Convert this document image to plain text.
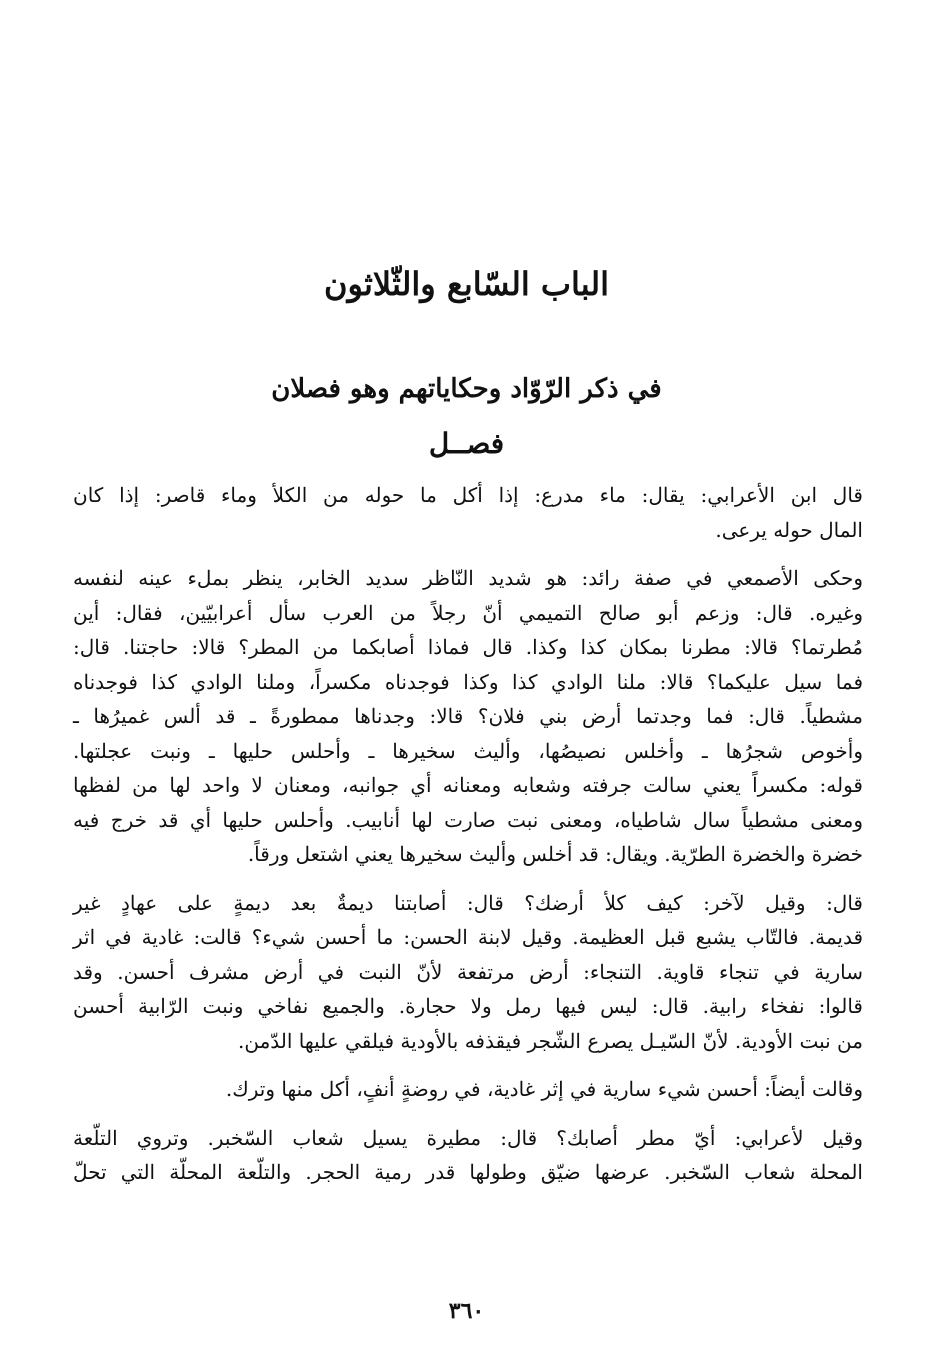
الباب السّابع والثّلاثون
في ذكر الرّوّاد وحكاياتهم وهو فصلان
فصــل

قال ابن الأعرابي: يقال: ماء مدرع: إذا أكل ما حوله من الكلأ وماء قاصر: إذا كان
المال حوله يرعى.

وحكى الأصمعي في صفة رائد: هو شديد النّاظر سديد الخابر، ينظر بملء عينه لنفسه
وغيره. قال: وزعم أبو صالح التميمي أنّ رجلاً من العرب سأل أعرابيّين، فقال: أين
مُطرتما؟ قالا: مطرنا بمكان كذا وكذا. قال فماذا أصابكما من المطر؟ قالا: حاجتنا. قال:
فما سيل عليكما؟ قالا: ملنا الوادي كذا وكذا فوجدناه مكسراً، وملنا الوادي كذا فوجدناه
مشطياً. قال: فما وجدتما أرض بني فلان؟ قالا: وجدناها ممطورةً ـ قد ألس غميرُها ـ
وأخوص شجرُها ـ وأخلس نصيصُها، وأليث سخيرها ـ وأحلس حليها ـ ونبت عجلتها.
قوله: مكسراً يعني سالت جرفته وشعابه ومعنانه أي جوانبه، ومعنان لا واحد لها من لفظها
ومعنى مشطياً سال شاطياه، ومعنى نبت صارت لها أنابيب. وأحلس حليها أي قد خرج فيه
خضرة والخضرة الطرّية. ويقال: قد أخلس وأليث سخيرها يعني اشتعل ورقاً.

قال: وقيل لآخر: كيف كلأ أرضك؟ قال: أصابتنا ديمةٌ بعد ديمةٍ على عهادٍ غير
قديمة. فالتّاب يشبع قبل العظيمة. وقيل لابنة الحسن: ما أحسن شيء؟ قالت: غادية في اثر
سارية في تنجاء قاوية. التنجاء: أرض مرتفعة لأنّ النبت في أرض مشرف أحسن. وقد
قالوا: نفخاء رابية. قال: ليس فيها رمل ولا حجارة. والجميع نفاخي ونبت الرّابية أحسن
من نبت الأودية. لأنّ السّيـل يصرع الشّجر فيقذفه بالأودية فيلقي عليها الدّمن.

وقالت أيضاً: أحسن شيء سارية في إثر غادية، في روضةٍ أنفٍ، أكل منها وترك.

وقيل لأعرابي: أيّ مطر أصابك؟ قال: مطيرة يسيل شعاب السّخبر. وتروي التلّعة
المحلة شعاب السّخبر. عرضها ضيّق وطولها قدر رمية الحجر. والتلّعة المحلّة التي تحلّ

٣٦٠
